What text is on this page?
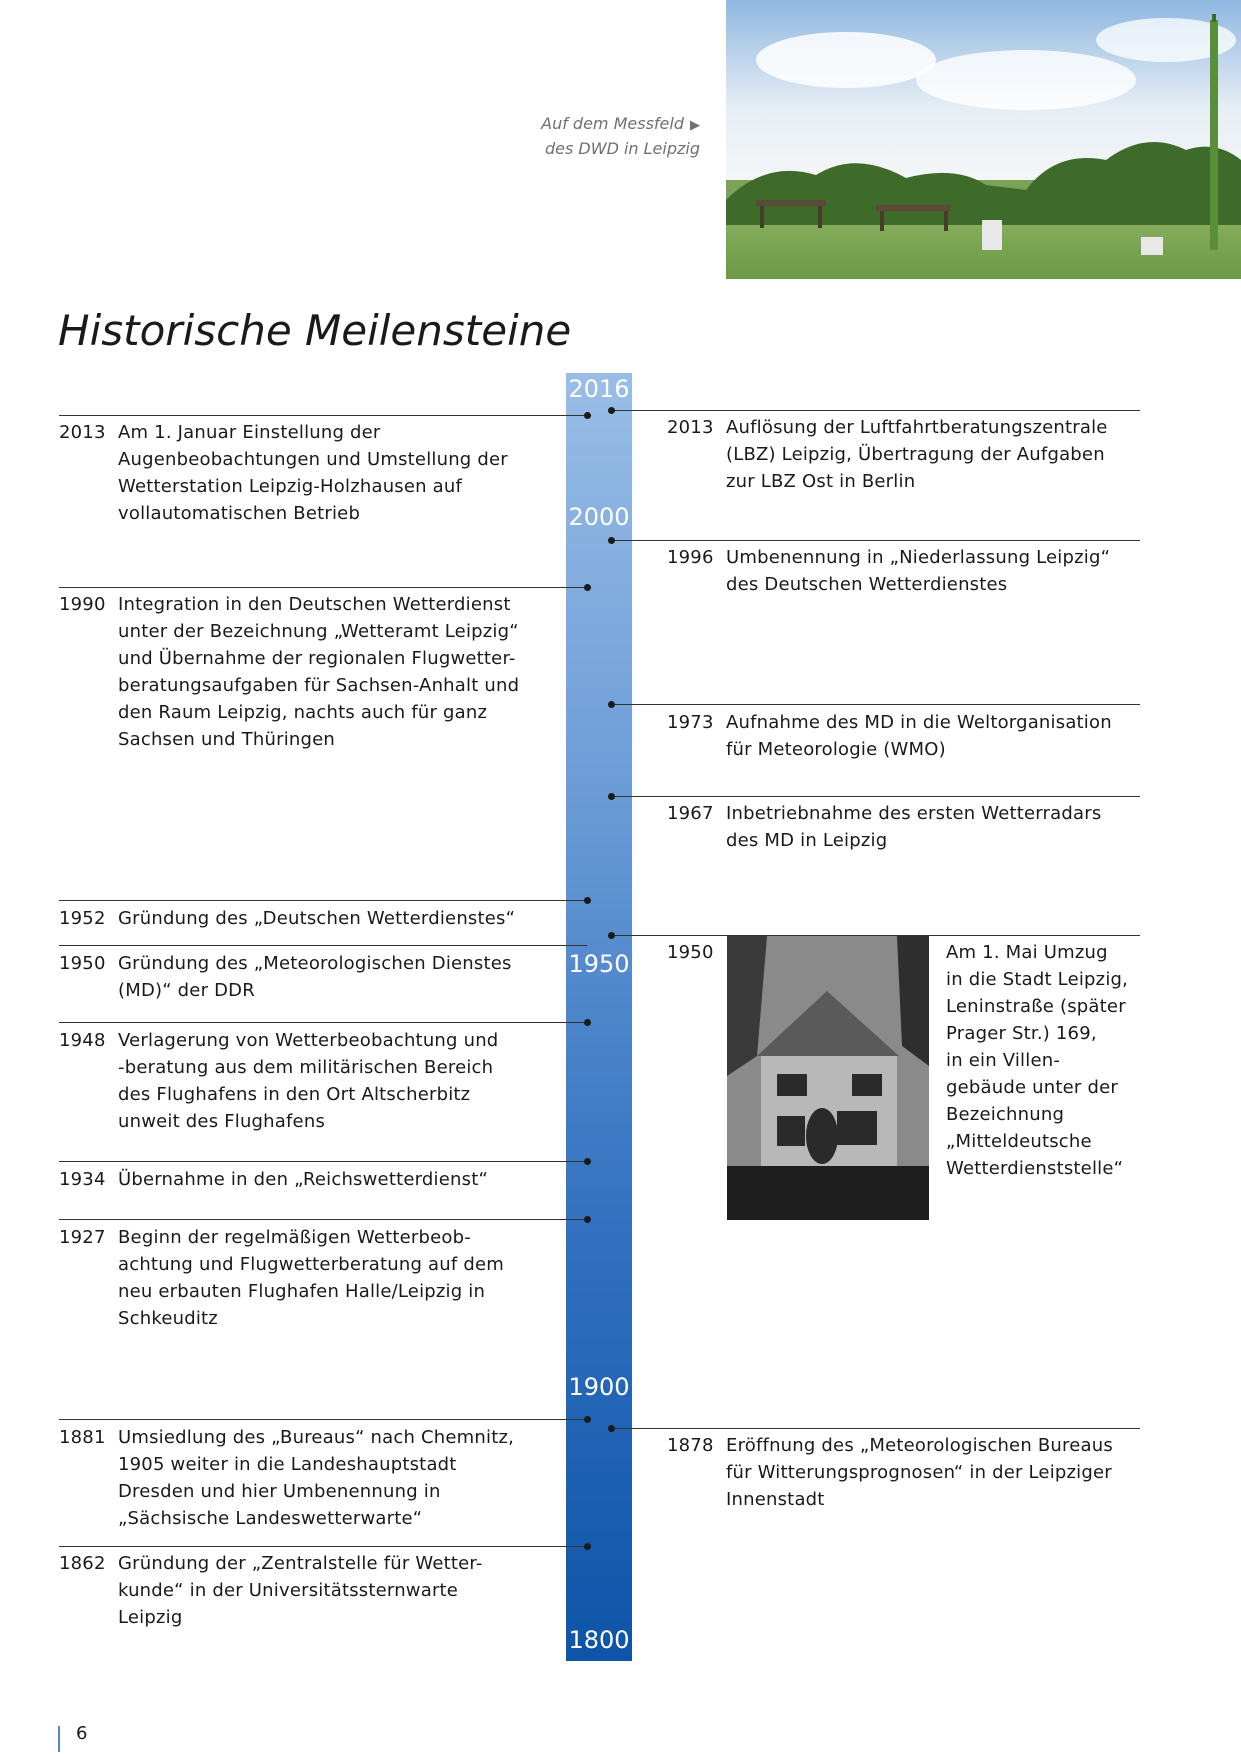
Auf dem Messfeld ▶
des DWD in Leipzig
Historische Meilensteine
2016
2000
1950
1900
1800
2013 Am 1. Januar Einstellung der
Augenbeobachtungen und Umstellung der
Wetterstation Leipzig-Holzhausen auf
vollautomatischen Betrieb
1990 Integration in den Deutschen Wetterdienst
unter der Bezeichnung „Wetteramt Leipzig“
und Übernahme der regionalen Flugwetter-
beratungsaufgaben für Sachsen-Anhalt und
den Raum Leipzig, nachts auch für ganz
Sachsen und Thüringen
1952 Gründung des „Deutschen Wetterdienstes“
1950 Gründung des „Meteorologischen Dienstes
(MD)“ der DDR
1948 Verlagerung von Wetterbeobachtung und
-beratung aus dem militärischen Bereich
des Flughafens in den Ort Altscherbitz
unweit des Flughafens
1934 Übernahme in den „Reichswetterdienst“
1927 Beginn der regelmäßigen Wetterbeob-
achtung und Flugwetterberatung auf dem
neu erbauten Flughafen Halle/Leipzig in
Schkeuditz
1881 Umsiedlung des „Bureaus“ nach Chemnitz,
1905 weiter in die Landeshauptstadt
Dresden und hier Umbenennung in
„Sächsische Landeswetterwarte“
1862 Gründung der „Zentralstelle für Wetter-
kunde“ in der Universitätssternwarte
Leipzig
2013 Auflösung der Luftfahrtberatungszentrale
(LBZ) Leipzig, Übertragung der Aufgaben
zur LBZ Ost in Berlin
1996 Umbenennung in „Niederlassung Leipzig“
des Deutschen Wetterdienstes
1973 Aufnahme des MD in die Weltorganisation
für Meteorologie (WMO)
1967 Inbetriebnahme des ersten Wetterradars
des MD in Leipzig
1950	Am 1. Mai Umzug
in die Stadt Leipzig,
Leninstraße (später
Prager Str.) 169,
in ein Villen-
gebäude unter der
Bezeichnung
„Mitteldeutsche
Wetterdienststelle“
1878 Eröffnung des „Meteorologischen Bureaus
für Witterungsprognosen“ in der Leipziger
Innenstadt
6
